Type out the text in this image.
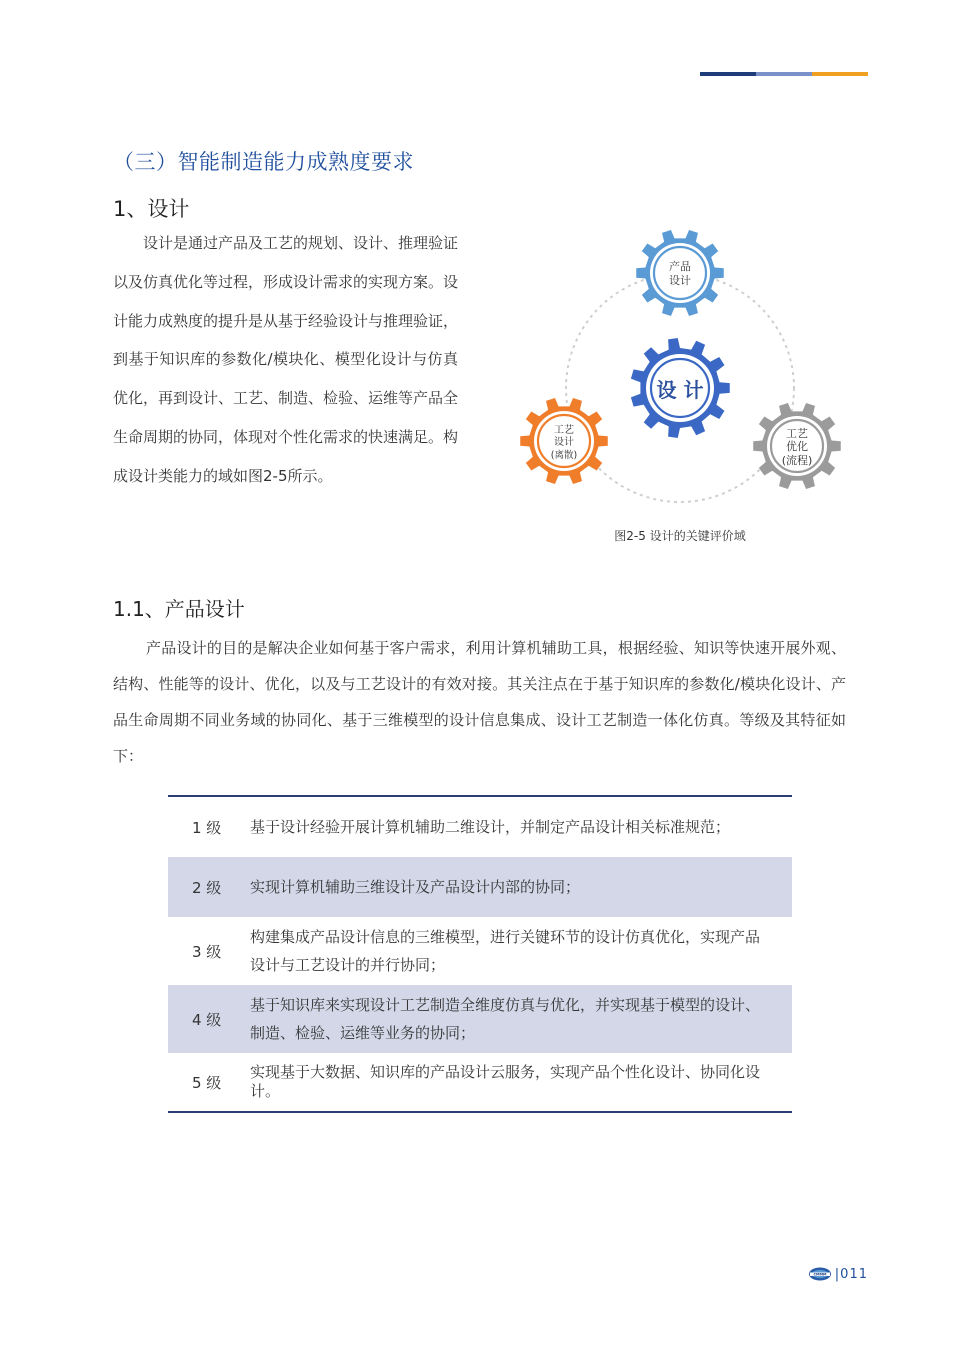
（三）智能制造能力成熟度要求
1、设计

设计是通过产品及工艺的规划、设计、推理验证以及仿真优化等过程，形成设计需求的实现方案。设计能力成熟度的提升是从基于经验设计与推理验证，到基于知识库的参数化/模块化、模型化设计与仿真优化，再到设计、工艺、制造、检验、运维等产品全生命周期的协同，体现对个性化需求的快速满足。构成设计类能力的域如图2-5所示。

设 计
产品
设计
工艺
设计
(离散)
工艺
优化
(流程)
图2-5 设计的关键评价域
1.1、产品设计

产品设计的目的是解决企业如何基于客户需求，利用计算机辅助工具，根据经验、知识等快速开展外观、结构、性能等的设计、优化，以及与工艺设计的有效对接。其关注点在于基于知识库的参数化/模块化设计、产品生命周期不同业务域的协同化、基于三维模型的设计信息集成、设计工艺制造一体化仿真。等级及其特征如下：

1 级	基于设计经验开展计算机辅助二维设计，并制定产品设计相关标准规范；
2 级	实现计算机辅助三维设计及产品设计内部的协同；
3 级
构建集成产品设计信息的三维模型，进行关键环节的设计仿真优化，实现产品设计与工艺设计的并行协同；
4 级
基于知识库来实现设计工艺制造全维度仿真与优化，并实现基于模型的设计、制造、检验、运维等业务的协同；
5 级
实现基于大数据、知识库的产品设计云服务，实现产品个性化设计、协同化设计。
CMMM |011
